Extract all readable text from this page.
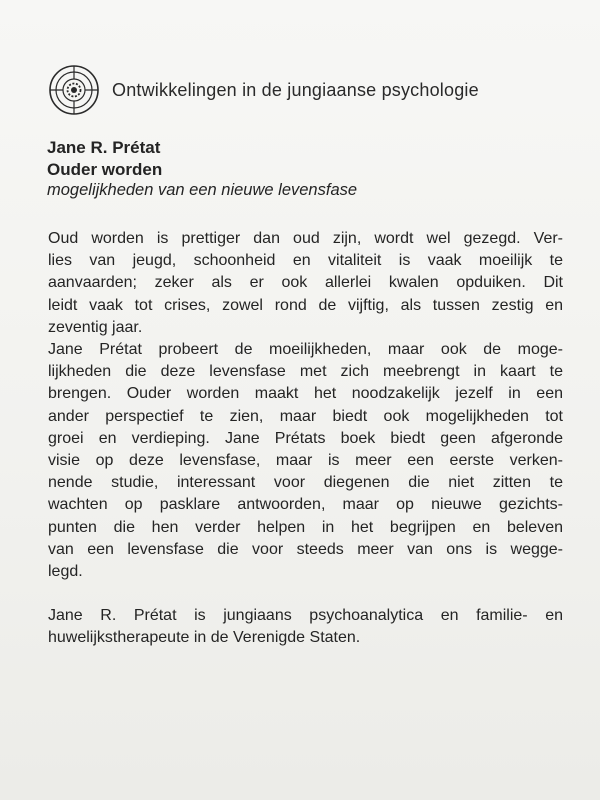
Ontwikkelingen in de jungiaanse psychologie
Jane R. Prétat
Ouder worden
mogelijkheden van een nieuwe levensfase

Oud worden is prettiger dan oud zijn, wordt wel gezegd. Ver-
lies van jeugd, schoonheid en vitaliteit is vaak moeilijk te
aanvaarden; zeker als er ook allerlei kwalen opduiken. Dit
leidt vaak tot crises, zowel rond de vijftig, als tussen zestig en
zeventig jaar.

Jane Prétat probeert de moeilijkheden, maar ook de moge-
lijkheden die deze levensfase met zich meebrengt in kaart te
brengen. Ouder worden maakt het noodzakelijk jezelf in een
ander perspectief te zien, maar biedt ook mogelijkheden tot
groei en verdieping. Jane Prétats boek biedt geen afgeronde
visie op deze levensfase, maar is meer een eerste verken-
nende studie, interessant voor diegenen die niet zitten te
wachten op pasklare antwoorden, maar op nieuwe gezichts-
punten die hen verder helpen in het begrijpen en beleven
van een levensfase die voor steeds meer van ons is wegge-
legd.

Jane R. Prétat is jungiaans psychoanalytica en familie- en
huwelijkstherapeute in de Verenigde Staten.
